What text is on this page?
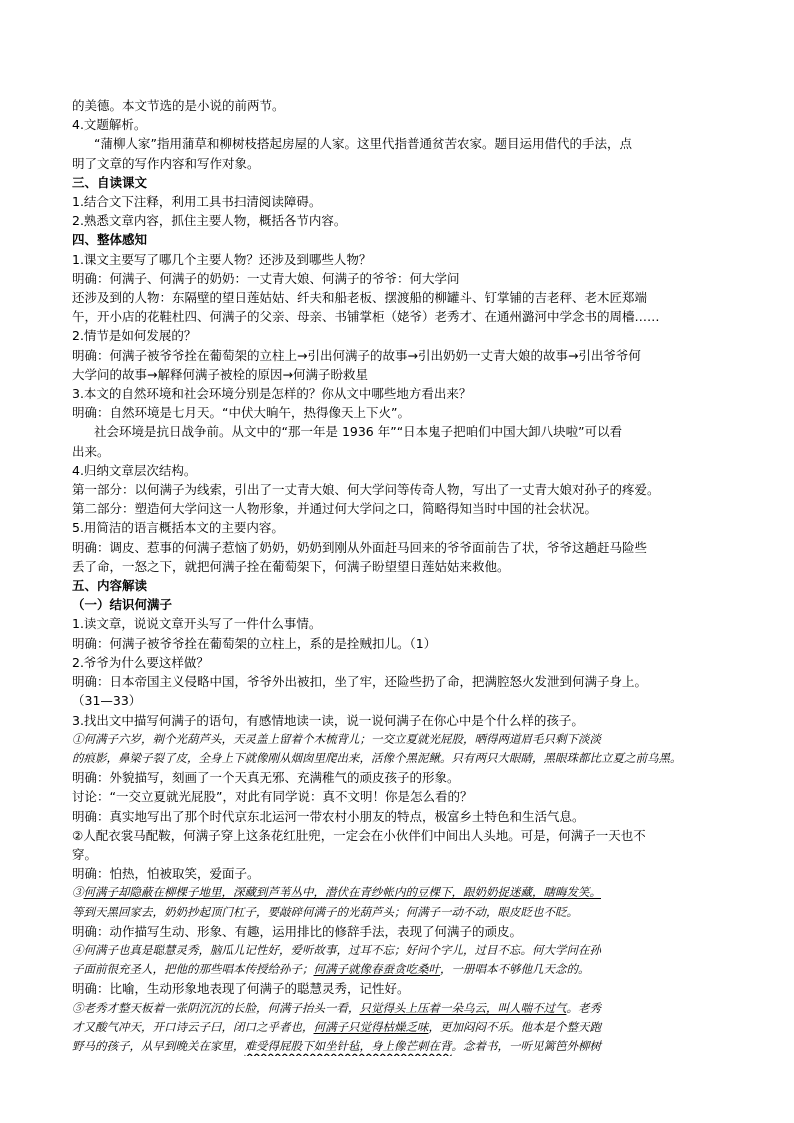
的美德。本文节选的是小说的前两节。
4.文题解析。
“蒲柳人家”指用蒲草和柳树枝搭起房屋的人家。这里代指普通贫苦农家。题目运用借代的手法，点
明了文章的写作内容和写作对象。
三、自读课文
1.结合文下注释，利用工具书扫清阅读障碍。
2.熟悉文章内容，抓住主要人物，概括各节内容。
四、整体感知
1.课文主要写了哪几个主要人物？还涉及到哪些人物？
明确：何满子、何满子的奶奶：一丈青大娘、何满子的爷爷：何大学问
还涉及到的人物：东隔壁的望日莲姑姑、纤夫和船老板、摆渡船的柳罐斗、钉掌铺的吉老秤、老木匠郑端
午，开小店的花鞋杜四、何满子的父亲、母亲、书铺掌柜（姥爷）老秀才、在通州潞河中学念书的周檣……
2.情节是如何发展的？
明确：何满子被爷爷拴在葡萄架的立柱上→引出何满子的故事→引出奶奶一丈青大娘的故事→引出爷爷何
大学问的故事→解释何满子被栓的原因→何满子盼救星
3.本文的自然环境和社会环境分别是怎样的？你从文中哪些地方看出来？
明确：自然环境是七月天。“中伏大晌午，热得像天上下火”。
社会环境是抗日战争前。从文中的“那一年是 1936 年”“日本鬼子把咱们中国大卸八块啦”可以看
出来。
4.归纳文章层次结构。
第一部分：以何满子为线索，引出了一丈青大娘、何大学问等传奇人物，写出了一丈青大娘对孙子的疼爱。
第二部分：塑造何大学问这一人物形象，并通过何大学问之口，简略得知当时中国的社会状况。
5.用简洁的语言概括本文的主要内容。
明确：调皮、惹事的何满子惹恼了奶奶，奶奶到刚从外面赶马回来的爷爷面前告了状，爷爷这趟赶马险些
丢了命，一怒之下，就把何满子拴在葡萄架下，何满子盼望望日莲姑姑来救他。
五、内容解读
（一）结识何满子
1.读文章，说说文章开头写了一件什么事情。
明确：何满子被爷爷拴在葡萄架的立柱上，系的是拴贼扣儿。（1）
2.爷爷为什么要这样做？
明确：日本帝国主义侵略中国，爷爷外出被扣，坐了牢，还险些扔了命，把满腔怒火发泄到何满子身上。
（31—33）
3.找出文中描写何满子的语句，有感情地读一读，说一说何满子在你心中是个什么样的孩子。
①何满子六岁，剃个光葫芦头，天灵盖上留着个木梳背儿；一交立夏就光屁股，晒得两道眉毛只剩下淡淡
的痕影，鼻梁子裂了皮，全身上下就像刚从烟囱里爬出来，活像个黑泥鳅。只有两只大眼睛，黑眼珠都比立夏之前乌黑。
明确：外貌描写，刻画了一个天真无邪、充满稚气的顽皮孩子的形象。
讨论：“一交立夏就光屁股”，对此有同学说：真不文明！你是怎么看的？
明确：真实地写出了那个时代京东北运河一带农村小朋友的特点，极富乡土特色和生活气息。
②人配衣裳马配鞍，何满子穿上这条花红肚兜，一定会在小伙伴们中间出人头地。可是，何满子一天也不
穿。
明确：怕热，怕被取笑，爱面子。
③何满子却隐蔽在柳棵子地里，深藏到芦苇丛中，潜伏在青纱帐内的豆棵下，跟奶奶捉迷藏，瞎晦发笑。
等到天黑回家去，奶奶抄起顶门杠子，要敲碎何满子的光葫芦头；何满子一动不动，眼皮眨也不眨。
明确：动作描写生动、形象、有趣，运用排比的修辞手法，表现了何满子的顽皮。
④何满子也真是聪慧灵秀，脑瓜儿记性好，爱听故事，过耳不忘；好问个字儿，过目不忘。何大学问在孙
子面前很充圣人，把他的那些唱本传授给孙子；何满子就像春蚕贪吃桑叶，一册唱本不够他几天念的。
明确：比喻，生动形象地表现了何满子的聪慧灵秀，记性好。
⑤老秀才整天板着一张阴沉沉的长脸，何满子抬头一看，只觉得头上压着一朵乌云，叫人喘不过气。老秀
才又酸气冲天，开口诗云子曰，闭口之乎者也，何满子只觉得枯燥乏味，更加闷闷不乐。他本是个整天跑
野马的孩子，从早到晚关在家里，难受得屁股下如坐针毡，身上像芒刺在背。念着书，一听见篱笆外柳树
